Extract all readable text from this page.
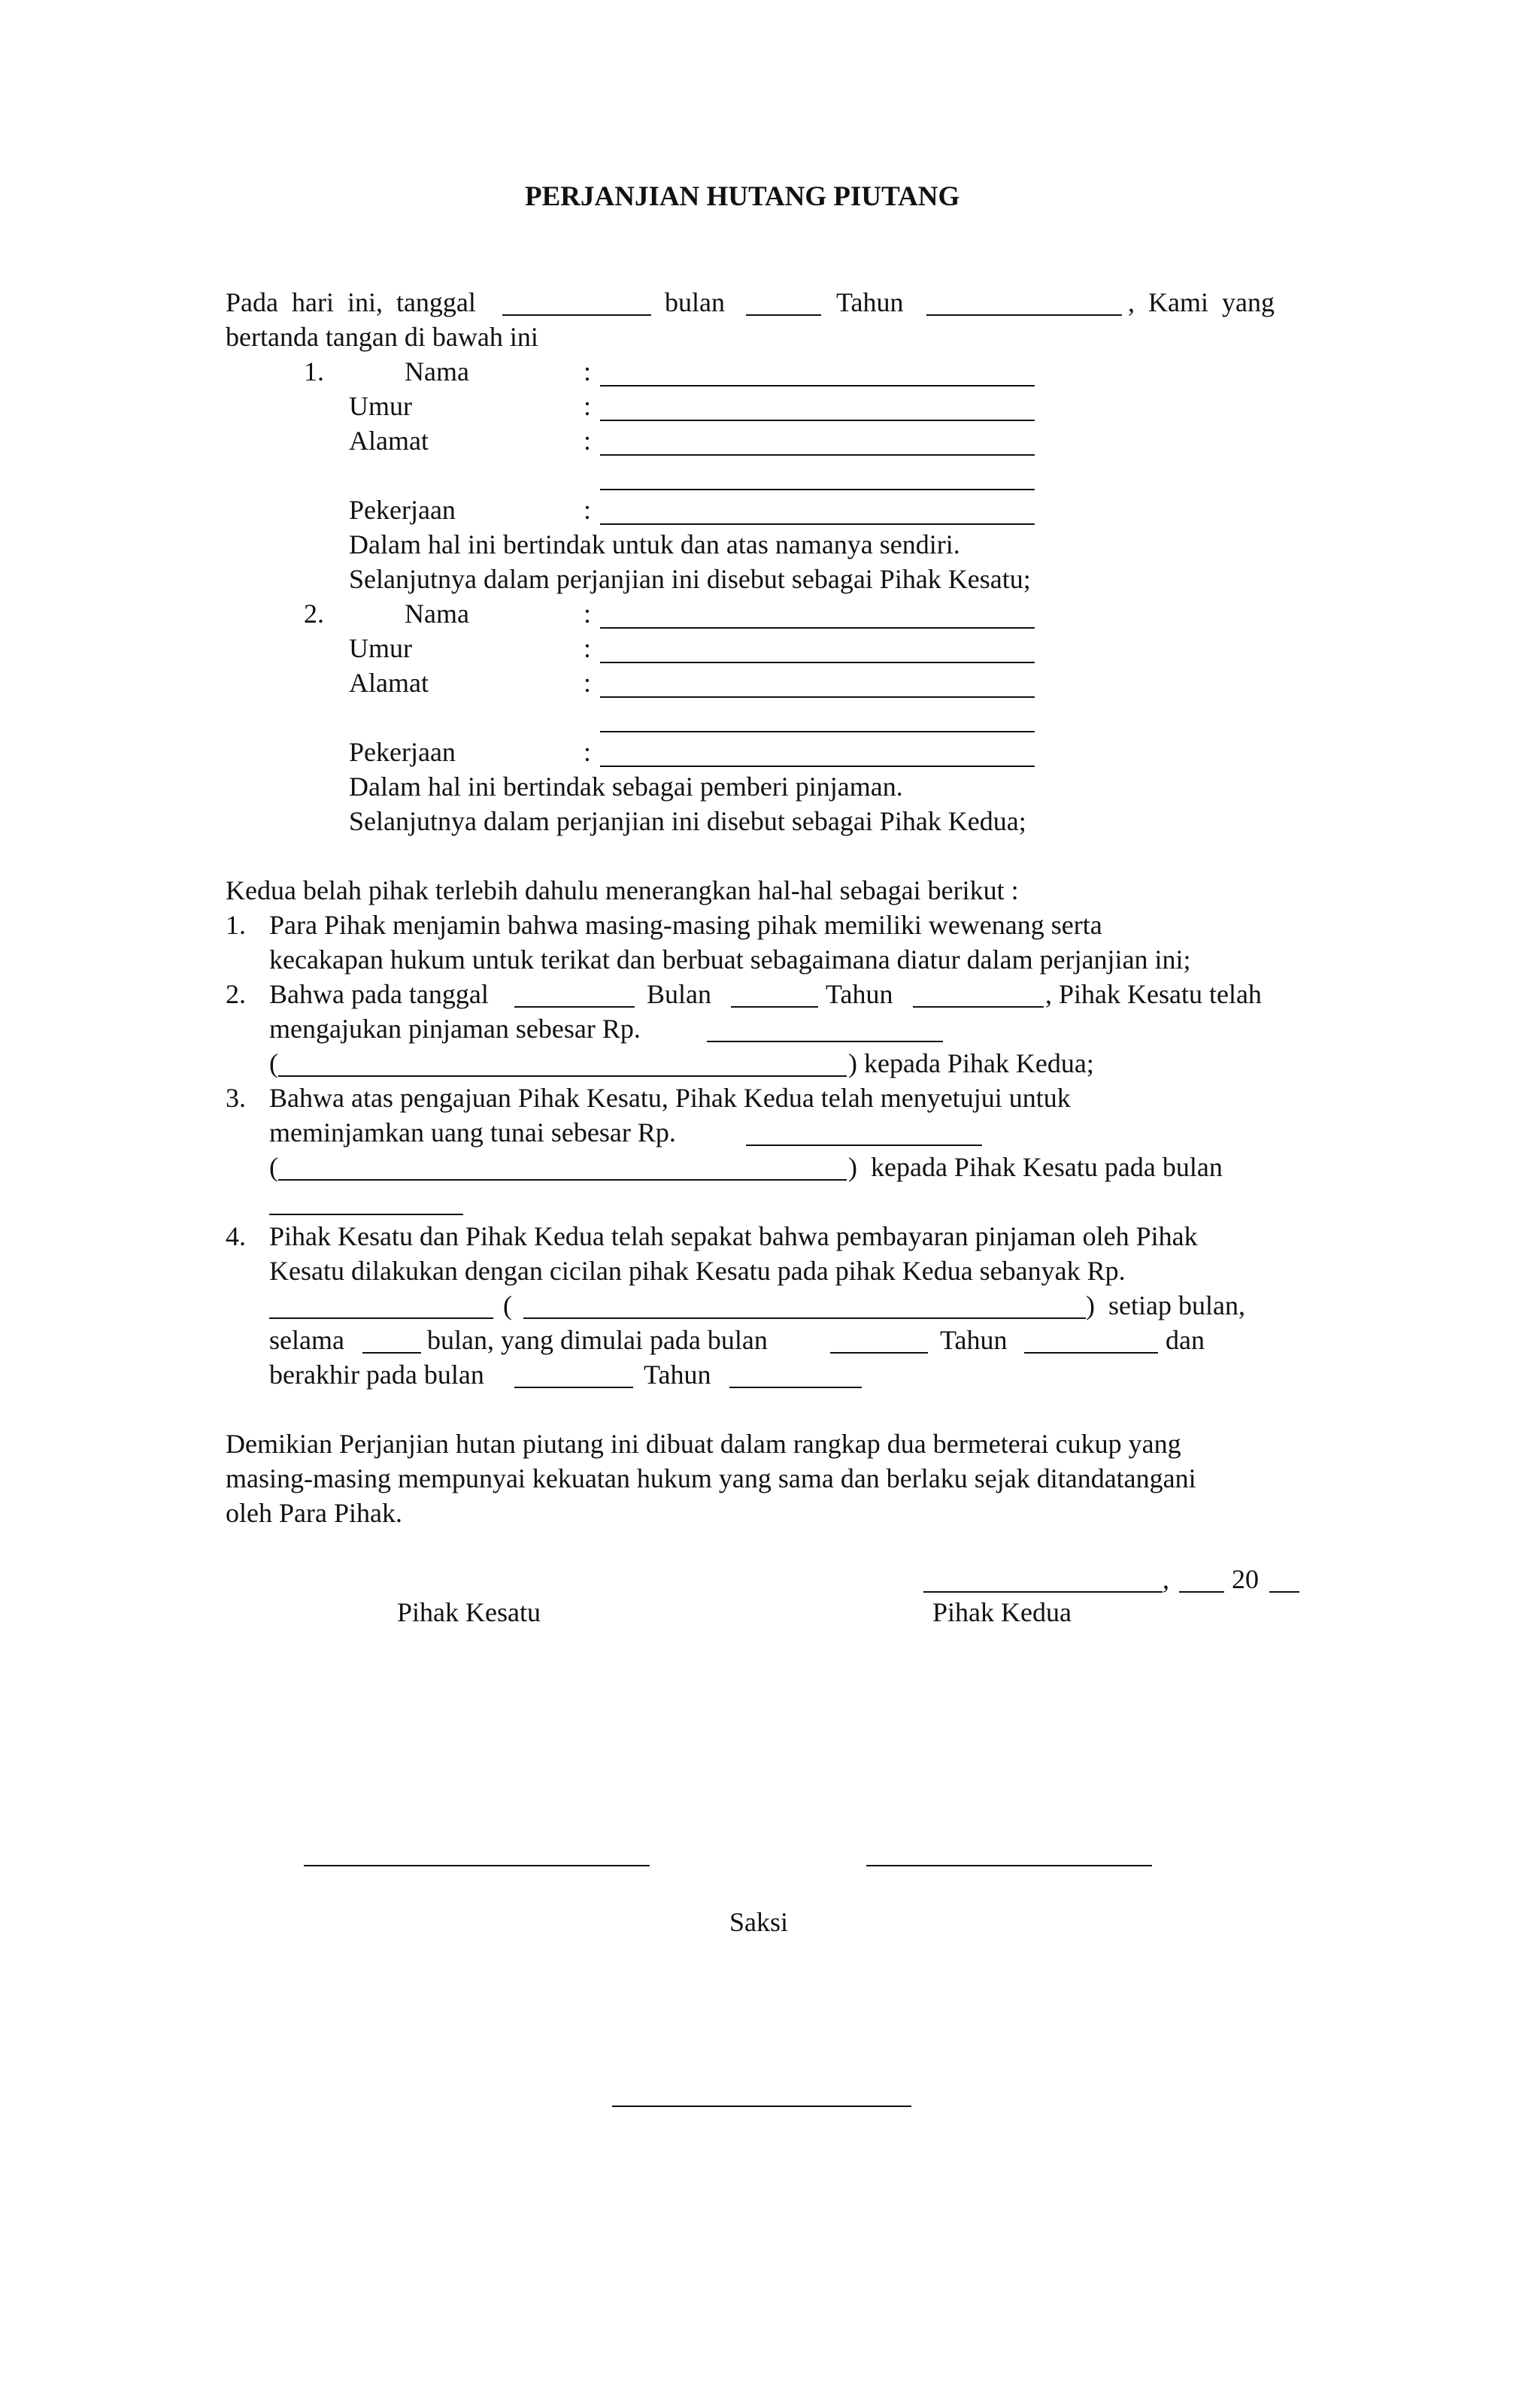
PERJANJIAN HUTANG PIUTANG
Pada  hari  ini,  tanggal	bulan	Tahun	,  Kami  yang
bertanda tangan di bawah ini
1.	Nama	:
Umur	:
Alamat	:
Pekerjaan	:
Dalam hal ini bertindak untuk dan atas namanya sendiri.
Selanjutnya dalam perjanjian ini disebut sebagai Pihak Kesatu;
2.	Nama	:
Umur	:
Alamat	:
Pekerjaan	:
Dalam hal ini bertindak sebagai pemberi pinjaman.
Selanjutnya dalam perjanjian ini disebut sebagai Pihak Kedua;
Kedua belah pihak terlebih dahulu menerangkan hal-hal sebagai berikut :
1. Para Pihak menjamin bahwa masing-masing pihak memiliki wewenang serta
kecakapan hukum untuk terikat dan berbuat sebagaimana diatur dalam perjanjian ini;
2. Bahwa pada tanggal	Bulan	Tahun	, Pihak Kesatu telah
mengajukan pinjaman sebesar Rp.
(	) kepada Pihak Kedua;
3. Bahwa atas pengajuan Pihak Kesatu, Pihak Kedua telah menyetujui untuk
meminjamkan uang tunai sebesar Rp.
(	)  kepada Pihak Kesatu pada bulan
4. Pihak Kesatu dan Pihak Kedua telah sepakat bahwa pembayaran pinjaman oleh Pihak
Kesatu dilakukan dengan cicilan pihak Kesatu pada pihak Kedua sebanyak Rp.
(	)  setiap bulan,
selama	bulan, yang dimulai pada bulan	Tahun	dan
berakhir pada bulan	Tahun
Demikian Perjanjian hutan piutang ini dibuat dalam rangkap dua bermeterai cukup yang
masing-masing mempunyai kekuatan hukum yang sama dan berlaku sejak ditandatangani
oleh Para Pihak.
, 20
Pihak Kesatu	Pihak Kedua
Saksi
